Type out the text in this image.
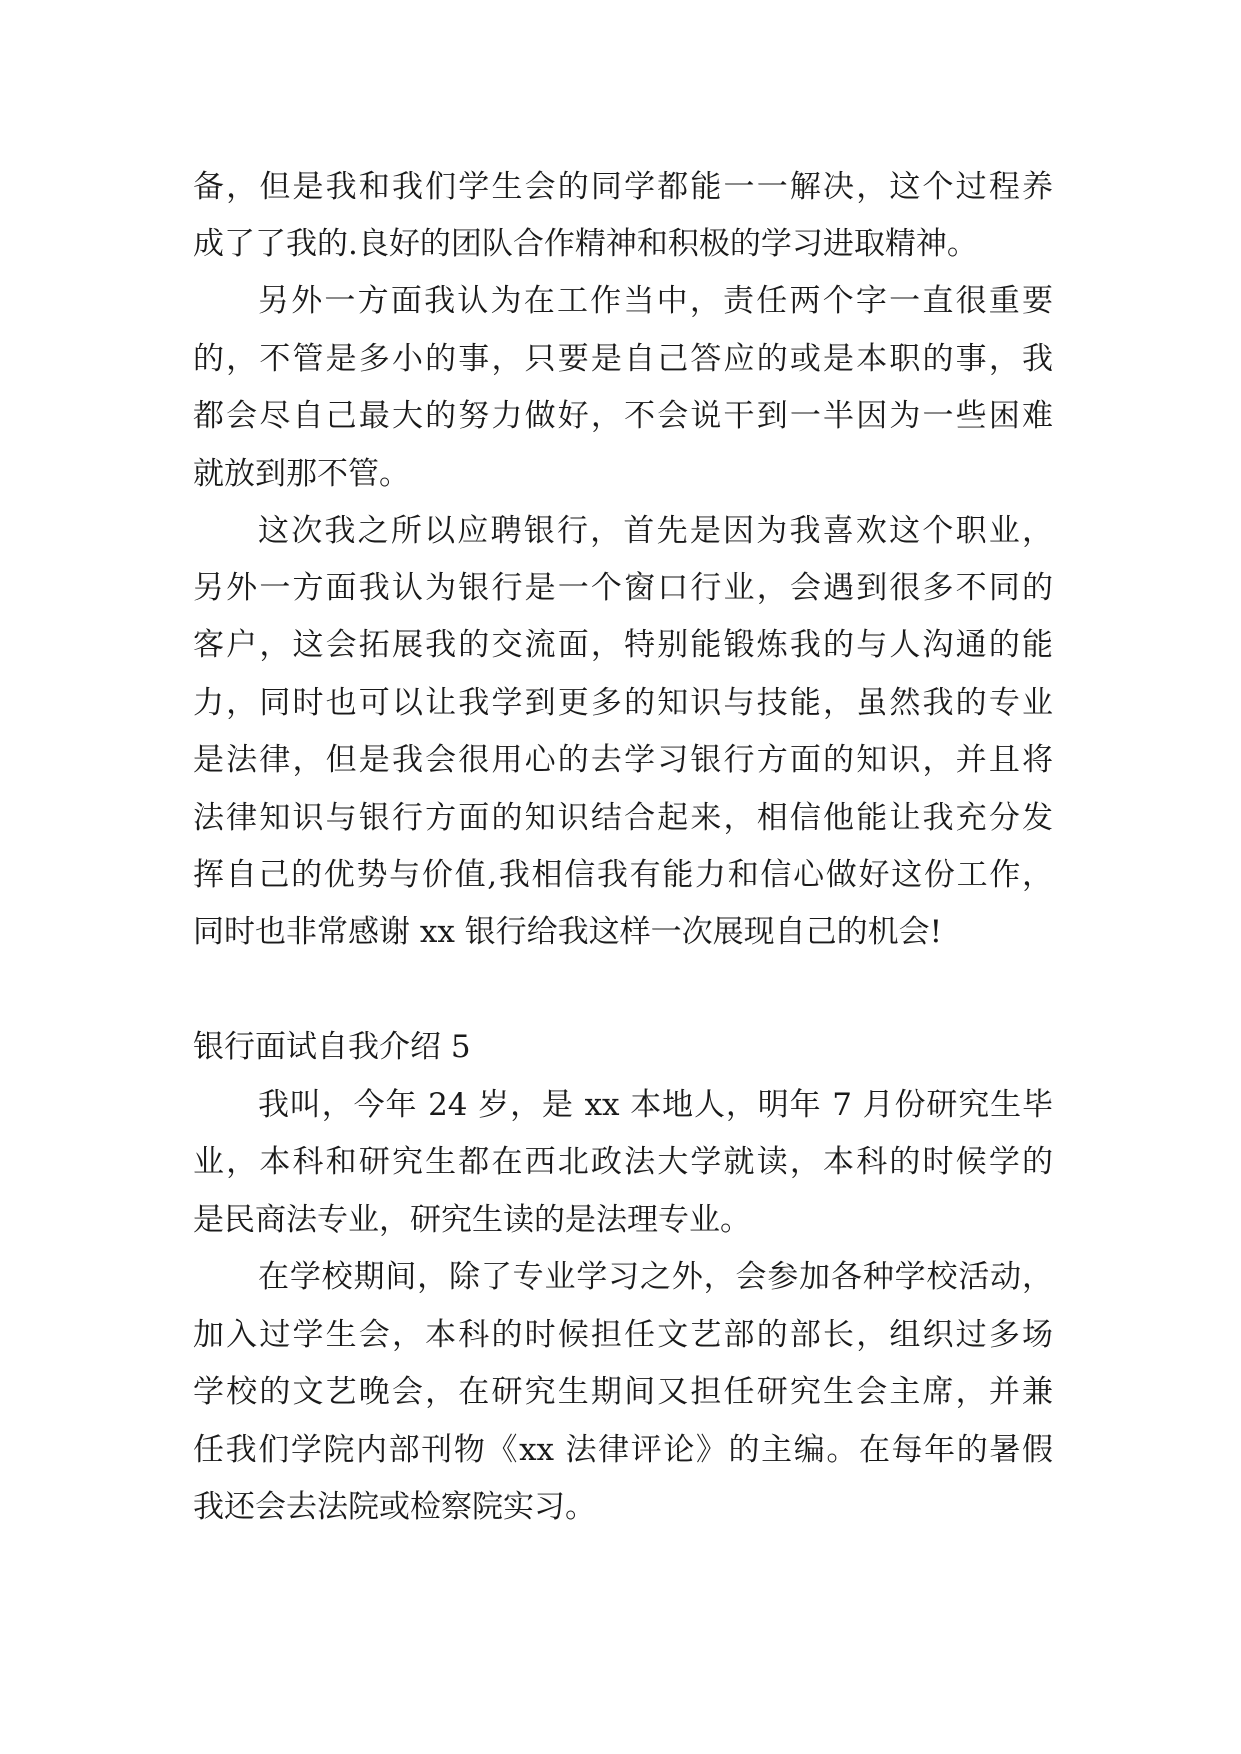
备，但是我和我们学生会的同学都能一一解决，这个过程养
成了了我的.良好的团队合作精神和积极的学习进取精神。
另外一方面我认为在工作当中，责任两个字一直很重要
的，不管是多小的事，只要是自己答应的或是本职的事，我
都会尽自己最大的努力做好，不会说干到一半因为一些困难
就放到那不管。
这次我之所以应聘银行，首先是因为我喜欢这个职业，
另外一方面我认为银行是一个窗口行业，会遇到很多不同的
客户，这会拓展我的交流面，特别能锻炼我的与人沟通的能
力，同时也可以让我学到更多的知识与技能，虽然我的专业
是法律，但是我会很用心的去学习银行方面的知识，并且将
法律知识与银行方面的知识结合起来，相信他能让我充分发
挥自己的优势与价值,我相信我有能力和信心做好这份工作，
同时也非常感谢 xx 银行给我这样一次展现自己的机会!
银行面试自我介绍 5
我叫，今年 24 岁，是 xx 本地人，明年 7 月份研究生毕
业，本科和研究生都在西北政法大学就读，本科的时候学的
是民商法专业，研究生读的是法理专业。
在学校期间，除了专业学习之外，会参加各种学校活动，
加入过学生会，本科的时候担任文艺部的部长，组织过多场
学校的文艺晚会，在研究生期间又担任研究生会主席，并兼
任我们学院内部刊物《xx 法律评论》的主编。在每年的暑假
我还会去法院或检察院实习。
